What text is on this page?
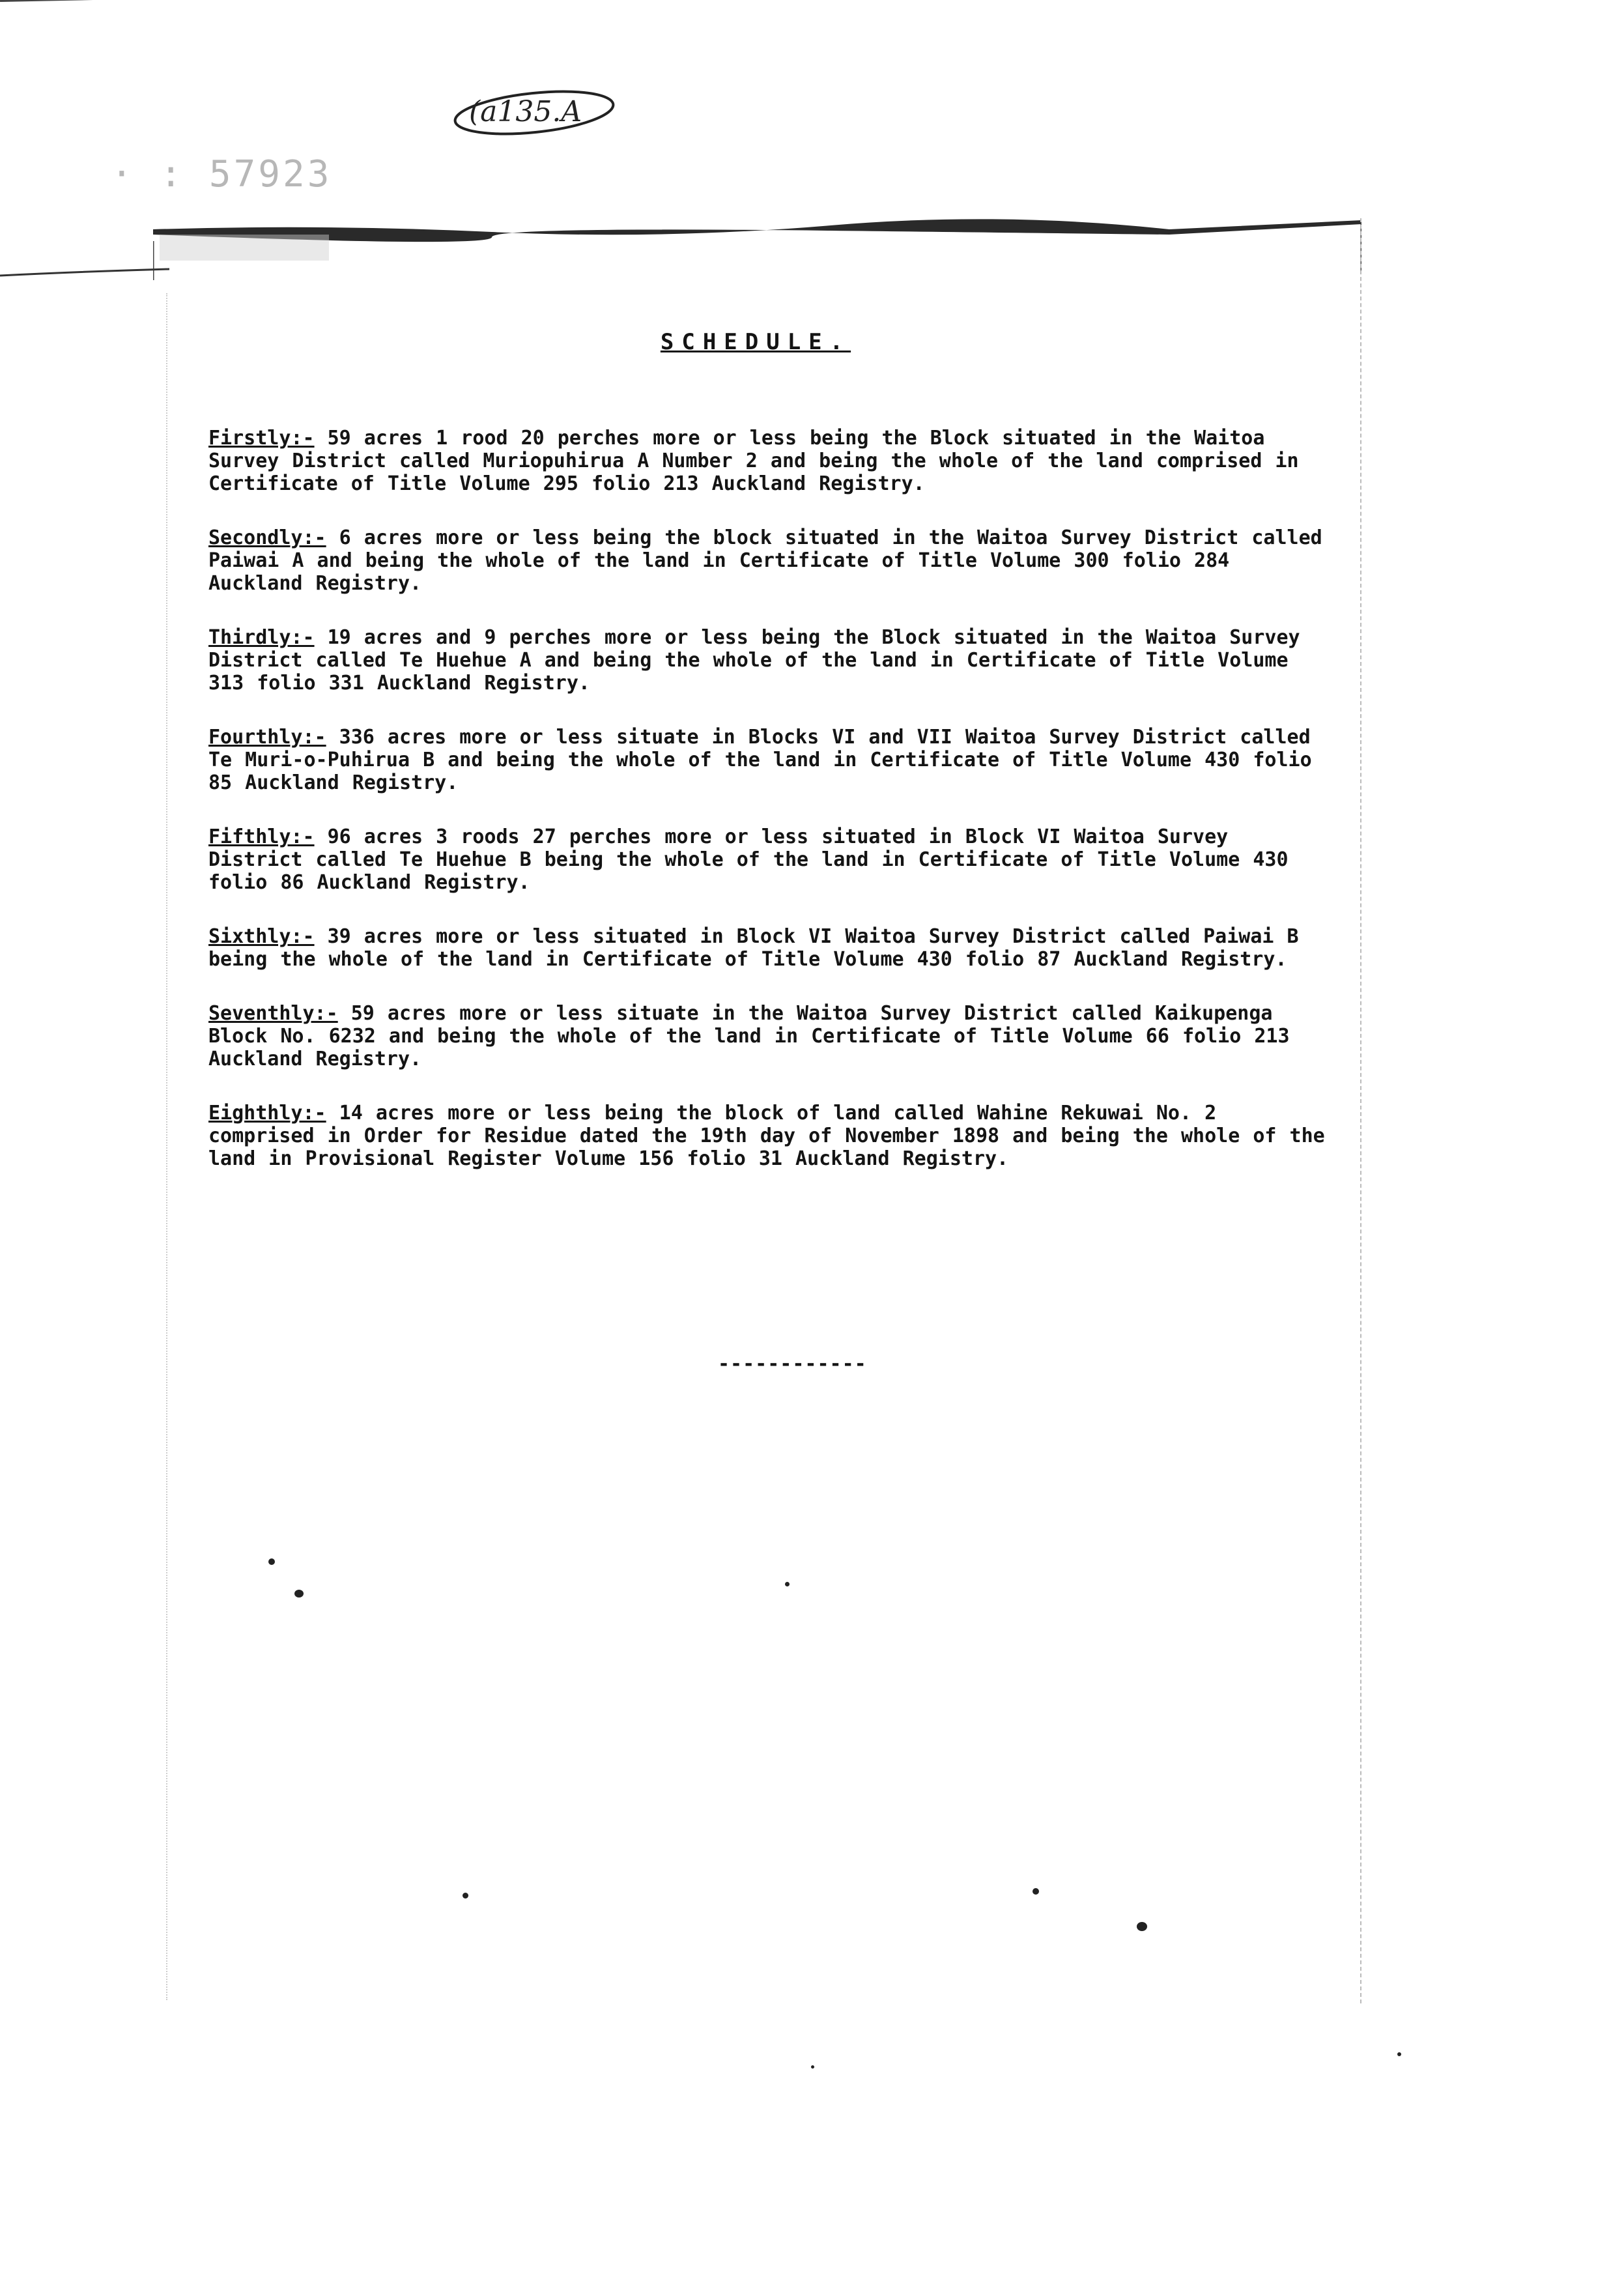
(a135.A
· : 57923
SCHEDULE.

Firstly:- 59 acres 1 rood 20 perches more or less being the Block situated in the Waitoa Survey District called Muriopuhirua A Number 2 and being the whole of the land comprised in Certificate of Title Volume 295 folio 213 Auckland Registry.

Secondly:- 6 acres more or less being the block situated in the Waitoa Survey District called Paiwai A and being the whole of the land in Certificate of Title Volume 300 folio 284 Auckland Registry.

Thirdly:- 19 acres and 9 perches more or less being the Block situated in the Waitoa Survey District called Te Huehue A and being the whole of the land in Certificate of Title Volume 313 folio 331 Auckland Registry.

Fourthly:- 336 acres more or less situate in Blocks VI and VII Waitoa Survey District called Te Muri-o-Puhirua B and being the whole of the land in Certificate of Title Volume 430 folio 85 Auckland Registry.

Fifthly:- 96 acres 3 roods 27 perches more or less situated in Block VI Waitoa Survey District called Te Huehue B being the whole of the land in Certificate of Title Volume 430 folio 86 Auckland Registry.

Sixthly:- 39 acres more or less situated in Block VI Waitoa Survey District called Paiwai B being the whole of the land in Certificate of Title Volume 430 folio 87 Auckland Registry.

Seventhly:- 59 acres more or less situate in the Waitoa Survey District called Kaikupenga Block No. 6232 and being the whole of the land in Certificate of Title Volume 66 folio 213 Auckland Registry.

Eighthly:- 14 acres more or less being the block of land called Wahine Rekuwai No. 2 comprised in Order for Residue dated the 19th day of November 1898 and being the whole of the land in Provisional Register Volume 156 folio 31 Auckland Registry.

------------
